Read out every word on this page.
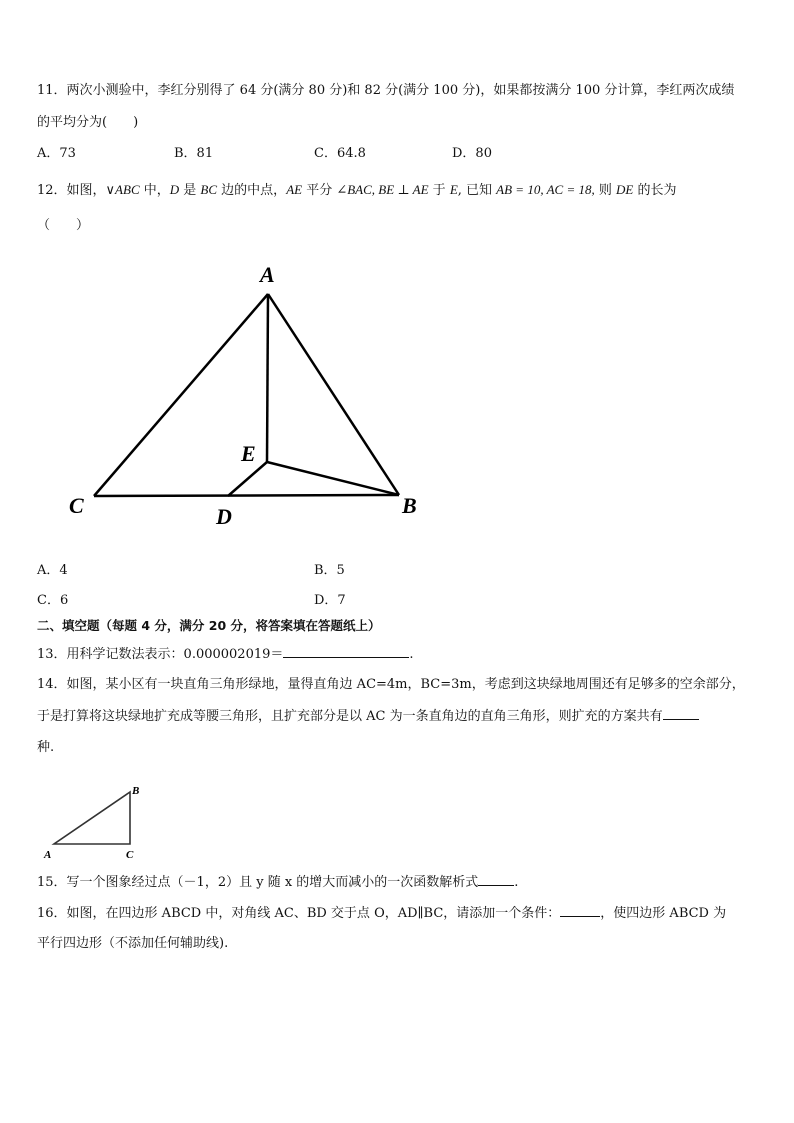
11．两次小测验中，李红分别得了 64 分(满分 80 分)和 82 分(满分 100 分)，如果都按满分 100 分计算，李红两次成绩
的平均分为(　　)
A．73	B．81	C．64.8	D．80
12．如图，∨ABC 中，D 是 BC 边的中点，AE 平分 ∠BAC, BE ⊥ AE 于 E, 已知 AB = 10, AC = 18, 则 DE 的长为
（　　）
A
E
C	D	B
A．4	B．5
C．6	D．7
二、填空题（每题 4 分，满分 20 分，将答案填在答题纸上）
13．用科学记数法表示：0.000002019＝	.
14．如图，某小区有一块直角三角形绿地，量得直角边 AC=4m，BC=3m，考虑到这块绿地周围还有足够多的空余部分，
于是打算将这块绿地扩充成等腰三角形，且扩充部分是以 AC 为一条直角边的直角三角形，则扩充的方案共有
种.
A	C
B
15．写一个图象经过点（－1，2）且 y 随 x 的增大而减小的一次函数解析式	.
16．如图，在四边形 ABCD 中，对角线 AC、BD 交于点 O，AD∥BC，请添加一个条件：	，使四边形 ABCD 为
平行四边形（不添加任何辅助线).
